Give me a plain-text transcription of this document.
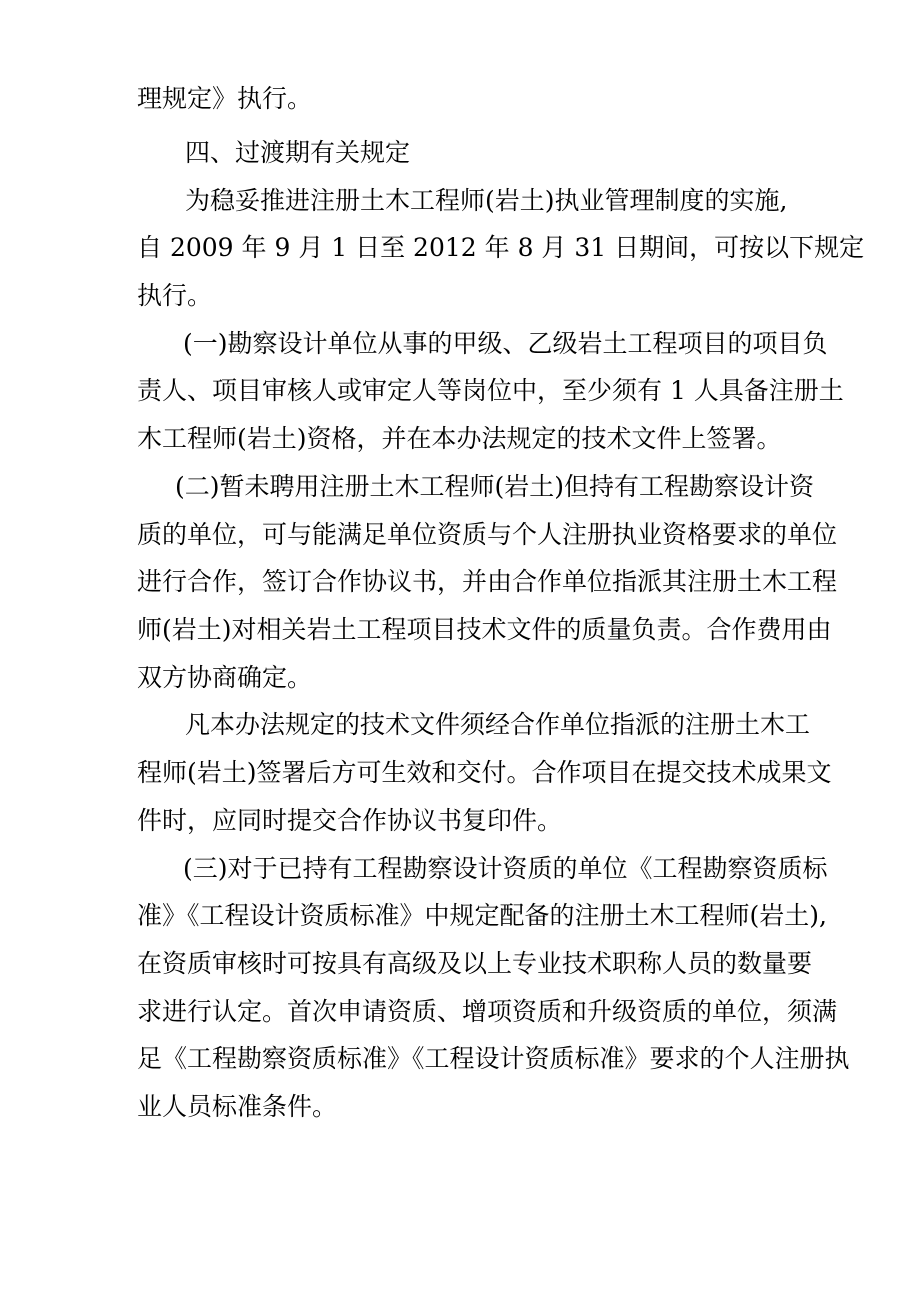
理规定》执行。
四、过渡期有关规定
为稳妥推进注册土木工程师(岩土)执业管理制度的实施,
自 2009 年 9 月 1 日至 2012 年 8 月 31 日期间，可按以下规定
执行。
(一)勘察设计单位从事的甲级、乙级岩土工程项目的项目负
责人、项目审核人或审定人等岗位中，至少须有 1 人具备注册土
木工程师(岩土)资格，并在本办法规定的技术文件上签署。
(二)暂未聘用注册土木工程师(岩土)但持有工程勘察设计资
质的单位，可与能满足单位资质与个人注册执业资格要求的单位
进行合作，签订合作协议书，并由合作单位指派其注册土木工程
师(岩土)对相关岩土工程项目技术文件的质量负责。合作费用由
双方协商确定。
凡本办法规定的技术文件须经合作单位指派的注册土木工
程师(岩土)签署后方可生效和交付。合作项目在提交技术成果文
件时，应同时提交合作协议书复印件。
(三)对于已持有工程勘察设计资质的单位《工程勘察资质标
准》《工程设计资质标准》中规定配备的注册土木工程师(岩土),
在资质审核时可按具有高级及以上专业技术职称人员的数量要
求进行认定。首次申请资质、增项资质和升级资质的单位，须满
足《工程勘察资质标准》《工程设计资质标准》要求的个人注册执
业人员标准条件。
